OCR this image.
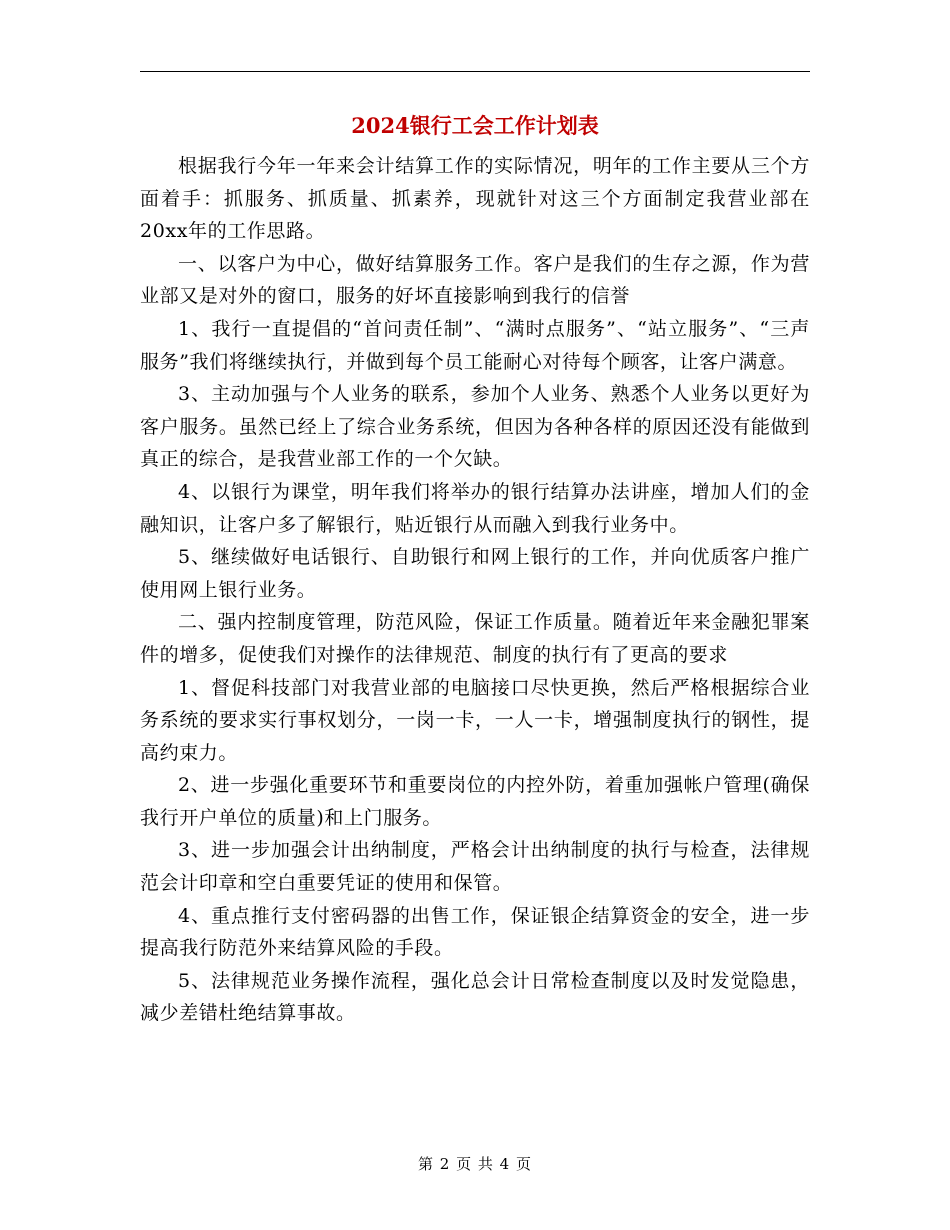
2024银行工会工作计划表

根据我行今年一年来会计结算工作的实际情况，明年的工作主要从三个方面着手：抓服务、抓质量、抓素养，现就针对这三个方面制定我营业部在20xx年的工作思路。

一、以客户为中心，做好结算服务工作。客户是我们的生存之源，作为营业部又是对外的窗口，服务的好坏直接影响到我行的信誉

1、我行一直提倡的“首问责任制”、“满时点服务”、“站立服务”、“三声服务”我们将继续执行，并做到每个员工能耐心对待每个顾客，让客户满意。

3、主动加强与个人业务的联系，参加个人业务、熟悉个人业务以更好为客户服务。虽然已经上了综合业务系统，但因为各种各样的原因还没有能做到真正的综合，是我营业部工作的一个欠缺。

4、以银行为课堂，明年我们将举办的银行结算办法讲座，增加人们的金融知识，让客户多了解银行，贴近银行从而融入到我行业务中。

5、继续做好电话银行、自助银行和网上银行的工作，并向优质客户推广使用网上银行业务。

二、强内控制度管理，防范风险，保证工作质量。随着近年来金融犯罪案件的增多，促使我们对操作的法律规范、制度的执行有了更高的要求

1、督促科技部门对我营业部的电脑接口尽快更换，然后严格根据综合业务系统的要求实行事权划分，一岗一卡，一人一卡，增强制度执行的钢性，提高约束力。

2、进一步强化重要环节和重要岗位的内控外防，着重加强帐户管理(确保我行开户单位的质量)和上门服务。

3、进一步加强会计出纳制度，严格会计出纳制度的执行与检查，法律规范会计印章和空白重要凭证的使用和保管。

4、重点推行支付密码器的出售工作，保证银企结算资金的安全，进一步提高我行防范外来结算风险的手段。

5、法律规范业务操作流程，强化总会计日常检查制度以及时发觉隐患，减少差错杜绝结算事故。

第 2 页 共 4 页
